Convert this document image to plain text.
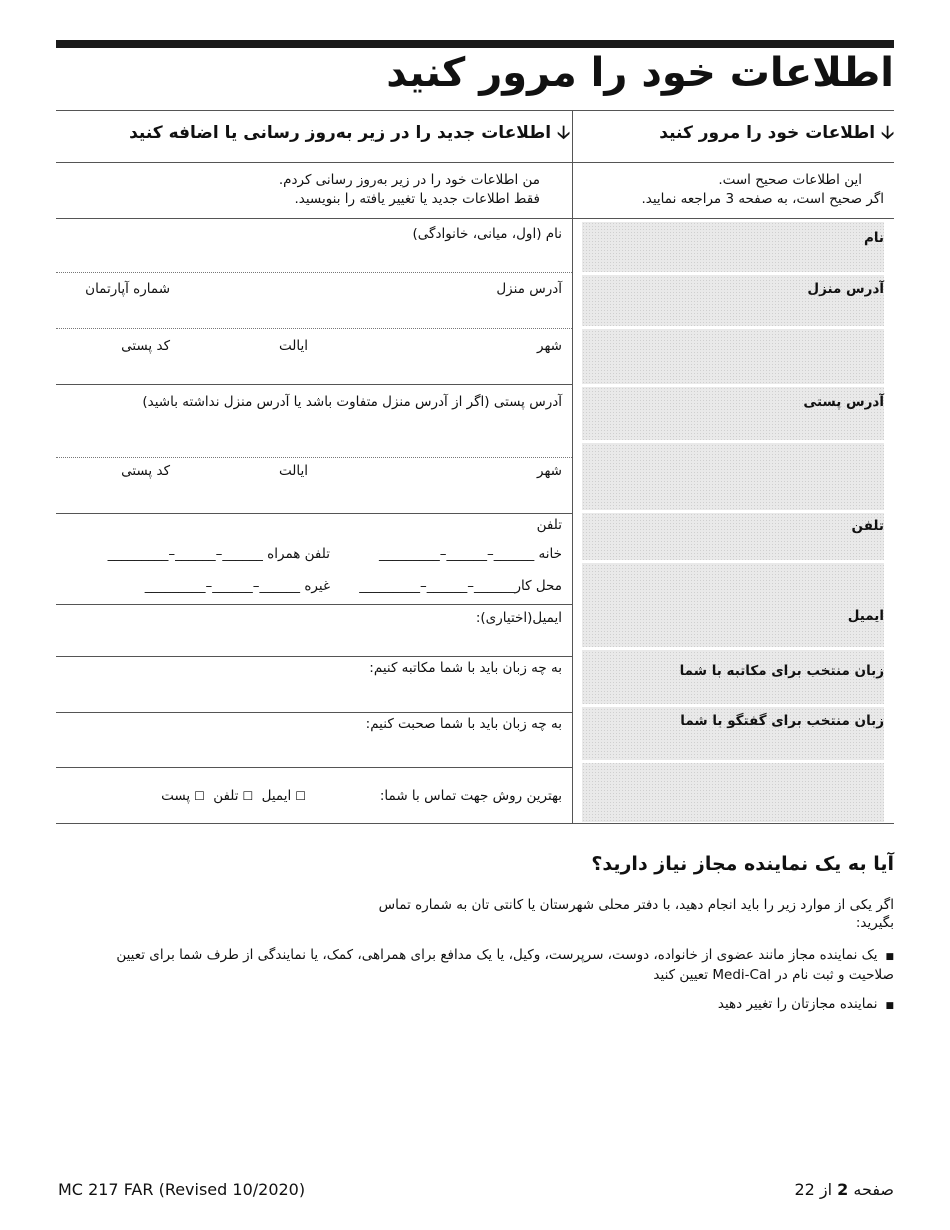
اطلاعات خود را مرور کنید
🡣اطلاعات خود را مرور کنید
🡣اطلاعات جدید را در زیر به‌روز رسانی یا اضافه کنید
این اطلاعات صحیح است.
اگر صحیح است، به صفحه 3 مراجعه نمایید.
من اطلاعات خود را در زیر به‌روز رسانی کردم.
فقط اطلاعات جدید یا تغییر یافته را بنویسید.
نام
آدرس منزل
آدرس پستی
تلفن
ایمیل
زبان منتخب برای مکاتبه با شما
زبان منتخب برای گفتگو با شما
نام (اول، میانی، خانوادگی)
آدرس منزل
شماره آپارتمان
شهر
ایالت
کد پستی
آدرس پستی (اگر از آدرس منزل متفاوت باشد یا آدرس منزل نداشته باشید)
شهر
ایالت
کد پستی
تلفن
خانه ______–______–_________
تلفن همراه ______–______–_________
محل کار______–______–_________
غیره ______–______–_________
ایمیل(اختیاری):
به چه زبان باید با شما مکاتبه کنیم:
به چه زبان باید با شما صحبت کنیم:
بهترین روش جهت تماس با شما:
☐ایمیل ☐تلفن ☐پست
آیا به یک نماینده مجاز نیاز دارید؟
اگر یکی از موارد زیر را باید انجام دهید، با دفتر محلی شهرستان یا کانتی تان به شماره تماس بگیرید:
■یک نماینده مجاز مانند عضوی از خانواده، دوست، سرپرست، وکیل، یا یک مدافع برای همراهی، کمک، یا نمایندگی از طرف شما برای تعیین صلاحیت و ثبت نام در Medi-Cal تعیین کنید
■نماینده مجازتان را تغییر دهید
MC 217 FAR (Revised 10/2020)	صفحه 2 از 22
